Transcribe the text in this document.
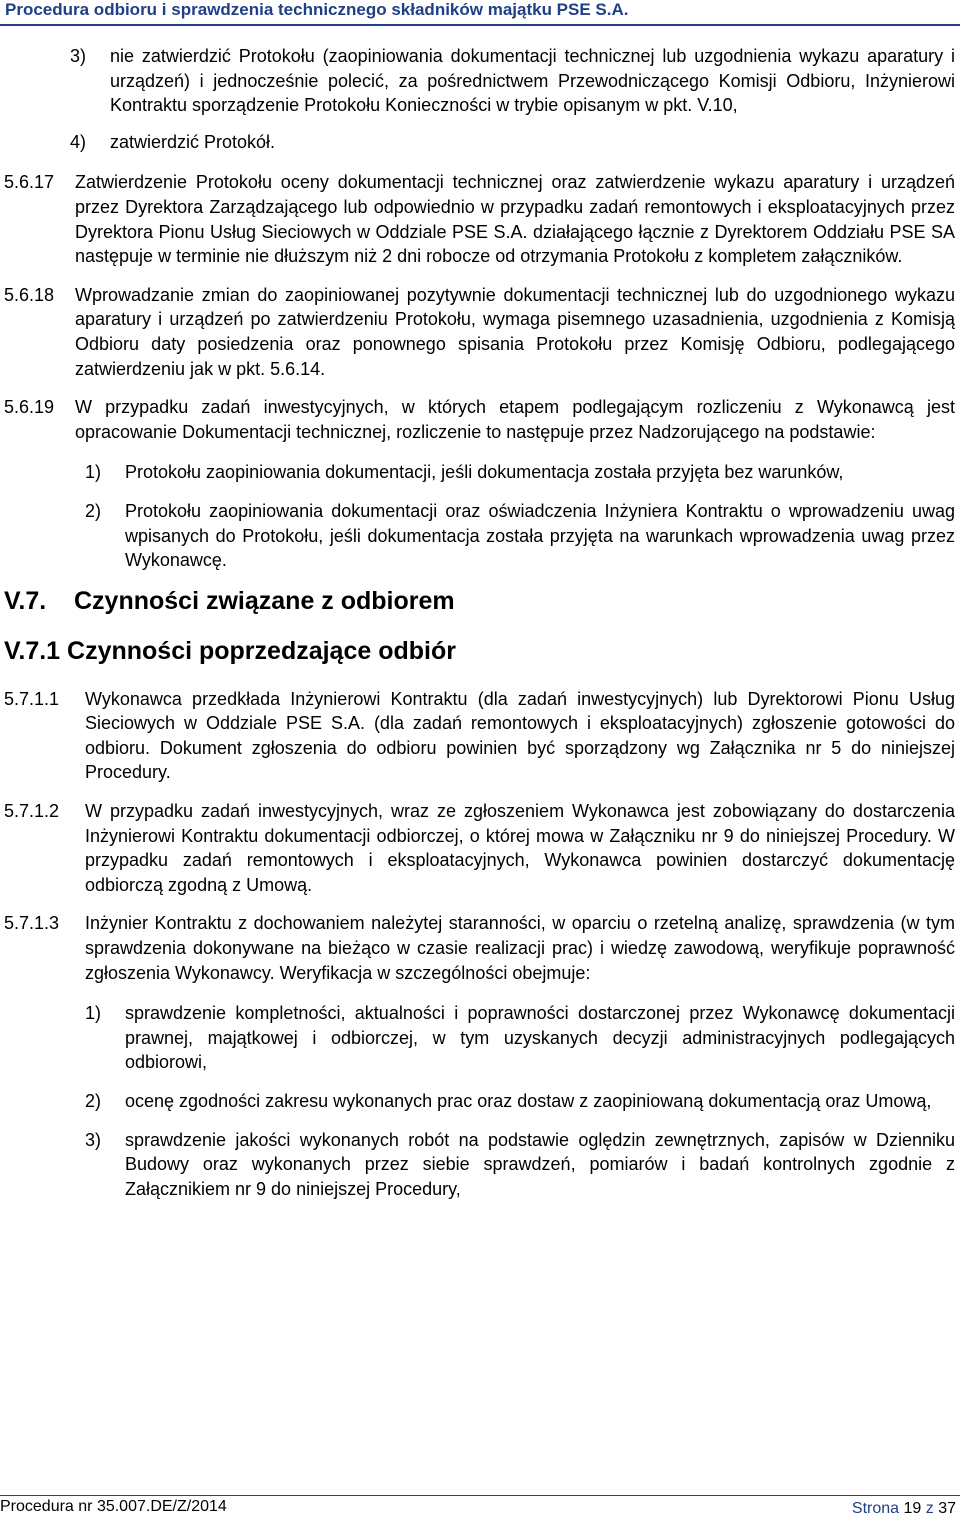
Procedura odbioru i sprawdzenia technicznego składników majątku PSE S.A.
3) nie zatwierdzić Protokołu (zaopiniowania dokumentacji technicznej lub uzgodnienia wykazu aparatury i urządzeń) i jednocześnie polecić, za pośrednictwem Przewodniczącego Komisji Odbioru, Inżynierowi Kontraktu sporządzenie Protokołu Konieczności w trybie opisanym w pkt. V.10,
4) zatwierdzić Protokół.
5.6.17 Zatwierdzenie Protokołu oceny dokumentacji technicznej oraz zatwierdzenie wykazu aparatury i urządzeń przez Dyrektora Zarządzającego lub odpowiednio w przypadku zadań remontowych i eksploatacyjnych przez Dyrektora Pionu Usług Sieciowych w Oddziale PSE S.A. działającego łącznie z Dyrektorem Oddziału PSE SA następuje w terminie nie dłuższym niż 2 dni robocze od otrzymania Protokołu z kompletem załączników.
5.6.18 Wprowadzanie zmian do zaopiniowanej pozytywnie dokumentacji technicznej lub do uzgodnionego wykazu aparatury i urządzeń po zatwierdzeniu Protokołu, wymaga pisemnego uzasadnienia, uzgodnienia z Komisją Odbioru daty posiedzenia oraz ponownego spisania Protokołu przez Komisję Odbioru, podlegającego zatwierdzeniu jak w pkt. 5.6.14.
5.6.19 W przypadku zadań inwestycyjnych, w których etapem podlegającym rozliczeniu z Wykonawcą jest opracowanie Dokumentacji technicznej, rozliczenie to następuje przez Nadzorującego na podstawie:
1) Protokołu zaopiniowania dokumentacji, jeśli dokumentacja została przyjęta bez warunków,
2) Protokołu zaopiniowania dokumentacji oraz oświadczenia Inżyniera Kontraktu o wprowadzeniu uwag wpisanych do Protokołu, jeśli dokumentacja została przyjęta na warunkach wprowadzenia uwag przez Wykonawcę.
V.7. Czynności związane z odbiorem
V.7.1 Czynności poprzedzające odbiór
5.7.1.1 Wykonawca przedkłada Inżynierowi Kontraktu (dla zadań inwestycyjnych) lub Dyrektorowi Pionu Usług Sieciowych w Oddziale PSE S.A. (dla zadań remontowych i eksploatacyjnych) zgłoszenie gotowości do odbioru. Dokument zgłoszenia do odbioru powinien być sporządzony wg Załącznika nr 5 do niniejszej Procedury.
5.7.1.2 W przypadku zadań inwestycyjnych, wraz ze zgłoszeniem Wykonawca jest zobowiązany do dostarczenia Inżynierowi Kontraktu dokumentacji odbiorczej, o której mowa w Załączniku nr 9 do niniejszej Procedury. W przypadku zadań remontowych i eksploatacyjnych, Wykonawca powinien dostarczyć dokumentację odbiorczą zgodną z Umową.
5.7.1.3 Inżynier Kontraktu z dochowaniem należytej staranności, w oparciu o rzetelną analizę, sprawdzenia (w tym sprawdzenia dokonywane na bieżąco w czasie realizacji prac) i wiedzę zawodową, weryfikuje poprawność zgłoszenia Wykonawcy. Weryfikacja w szczególności obejmuje:
1) sprawdzenie kompletności, aktualności i poprawności dostarczonej przez Wykonawcę dokumentacji prawnej, majątkowej i odbiorczej, w tym uzyskanych decyzji administracyjnych podlegających odbiorowi,
2) ocenę zgodności zakresu wykonanych prac oraz dostaw z zaopiniowaną dokumentacją oraz Umową,
3) sprawdzenie jakości wykonanych robót na podstawie oględzin zewnętrznych, zapisów w Dzienniku Budowy oraz wykonanych przez siebie sprawdzeń, pomiarów i badań kontrolnych zgodnie z Załącznikiem nr 9 do niniejszej Procedury,
Procedura nr 35.007.DE/Z/2014	Strona 19 z 37
